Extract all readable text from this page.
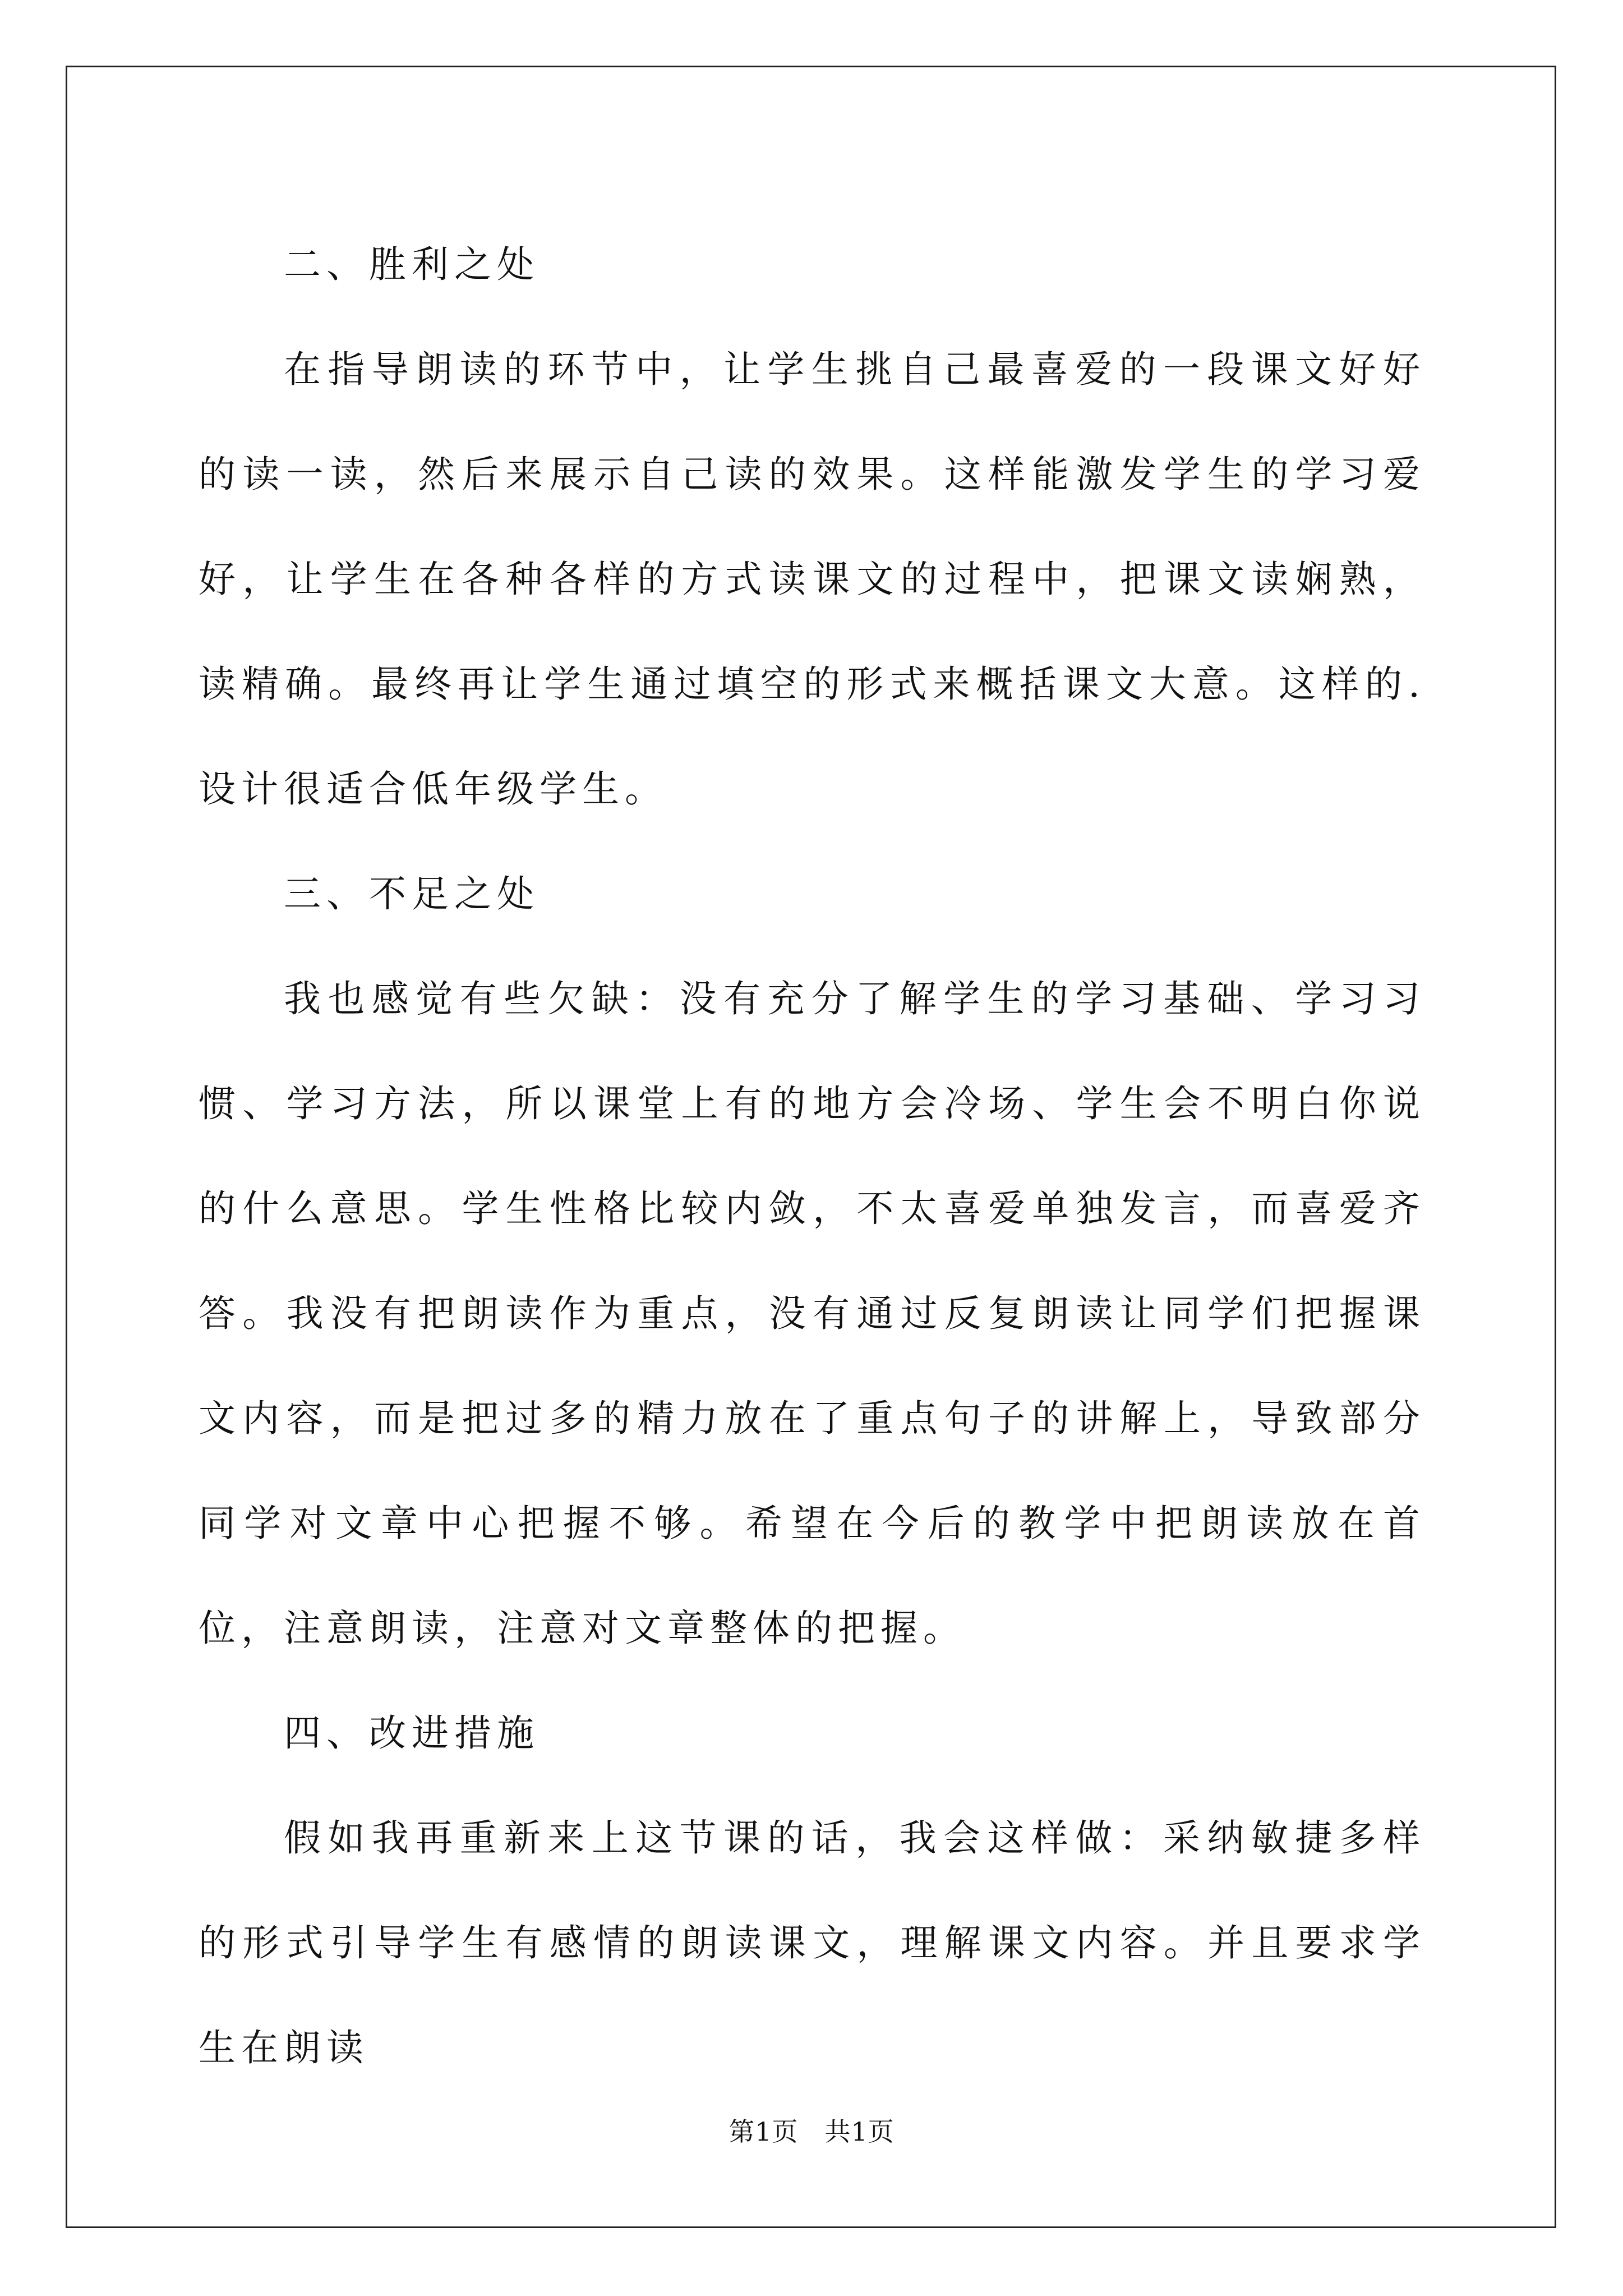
二、胜利之处

在指导朗读的环节中，让学生挑自己最喜爱的一段课文好好的读一读，然后来展示自己读的效果。这样能激发学生的学习爱好，让学生在各种各样的方式读课文的过程中，把课文读娴熟，读精确。最终再让学生通过填空的形式来概括课文大意。这样的.设计很适合低年级学生。

三、不足之处

我也感觉有些欠缺：没有充分了解学生的学习基础、学习习惯、学习方法，所以课堂上有的地方会冷场、学生会不明白你说的什么意思。学生性格比较内敛，不太喜爱单独发言，而喜爱齐答。我没有把朗读作为重点，没有通过反复朗读让同学们把握课文内容，而是把过多的精力放在了重点句子的讲解上，导致部分同学对文章中心把握不够。希望在今后的教学中把朗读放在首位，注意朗读，注意对文章整体的把握。

四、改进措施

假如我再重新来上这节课的话，我会这样做：采纳敏捷多样的形式引导学生有感情的朗读课文，理解课文内容。并且要求学生在朗读

第1页 共1页
